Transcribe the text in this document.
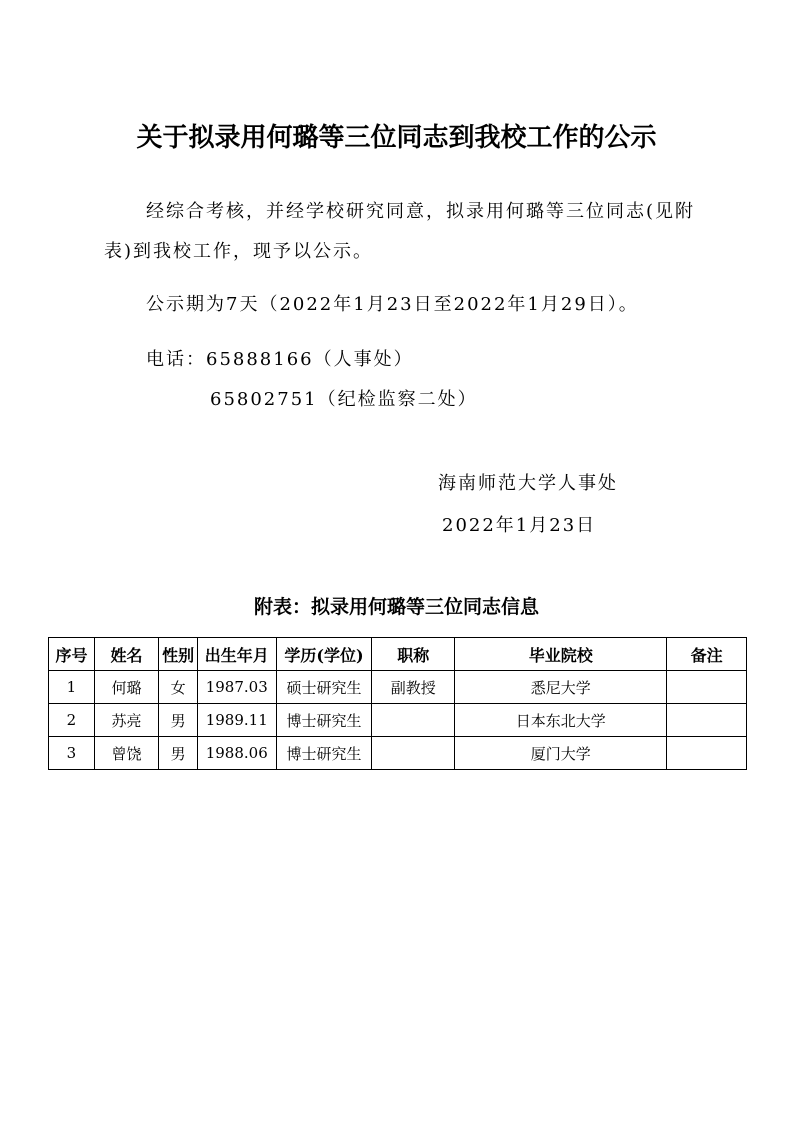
关于拟录用何璐等三位同志到我校工作的公示
经综合考核，并经学校研究同意，拟录用何璐等三位同志(见附表)到我校工作，现予以公示。
公示期为7天（2022年1月23日至2022年1月29日）。
电话：65888166（人事处）
65802751（纪检监察二处）
海南师范大学人事处
2022年1月23日
附表：拟录用何璐等三位同志信息
序号	姓名	性别	出生年月	学历(学位)	职称	毕业院校	备注
1	何璐	女	1987.03	硕士研究生	副教授	悉尼大学	
2	苏亮	男	1989.11	博士研究生		日本东北大学	
3	曾饶	男	1988.06	博士研究生		厦门大学	
